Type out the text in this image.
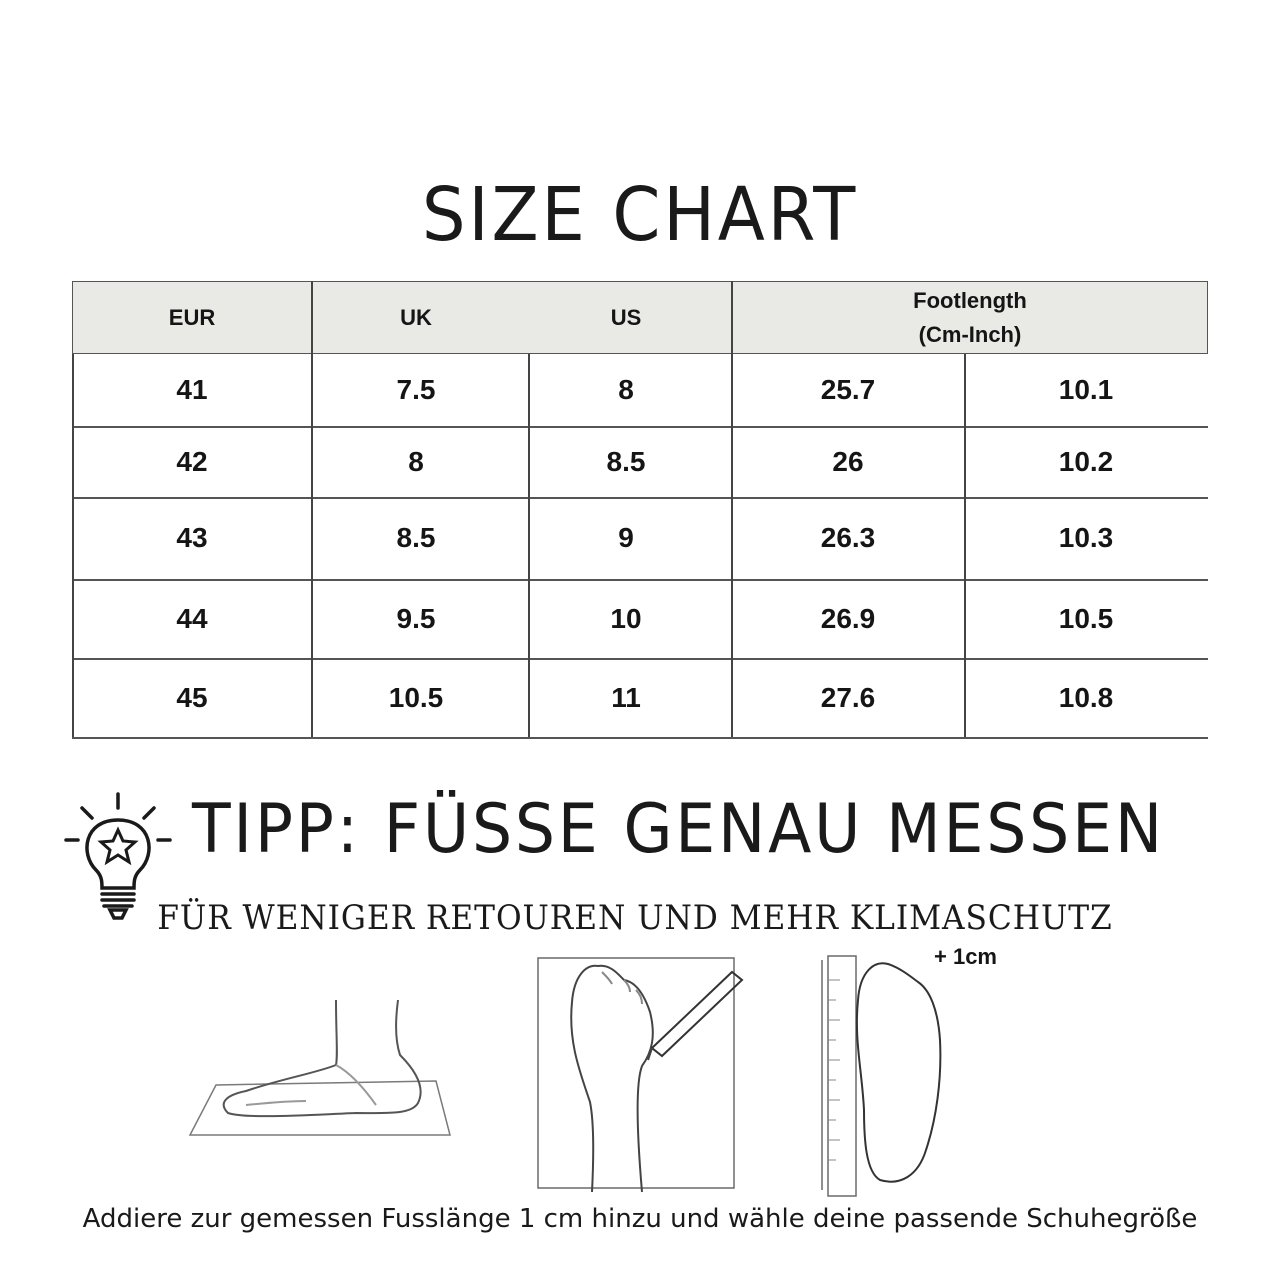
SIZE CHART
EUR	UK	US
Footlength
(Cm-Inch)
41	7.5	8	25.7	10.1
42	8	8.5	26	10.2
43	8.5	9	26.3	10.3
44	9.5	10	26.9	10.5
45	10.5	11	27.6	10.8
TIPP: FÜSSE GENAU MESSEN
FÜR WENIGER RETOUREN UND MEHR KLIMASCHUTZ
+ 1cm
Addiere zur gemessen Fusslänge 1 cm hinzu und wähle deine passende Schuhegröße
